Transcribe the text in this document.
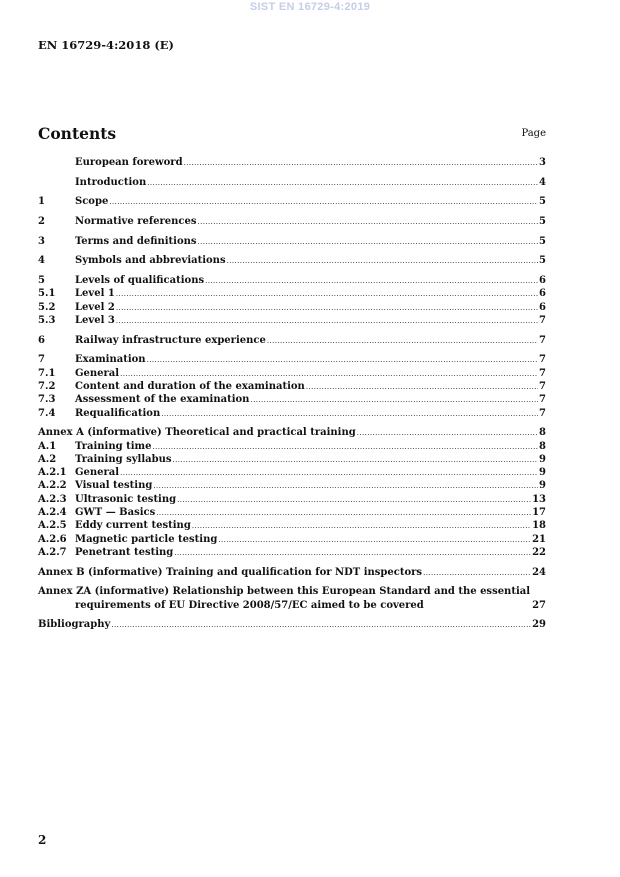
SIST EN 16729-4:2019
EN 16729-4:2018 (E)
Contents	Page
European foreword .....	3
Introduction .....	4
1	Scope .....	5
2	Normative references .....	5
3	Terms and definitions .....	5
4	Symbols and abbreviations .....	5
5	Levels of qualifications .....	6
5.1	Level 1 .....	6
5.2	Level 2 .....	6
5.3	Level 3 .....	7
6	Railway infrastructure experience .....	7
7	Examination .....	7
7.1	General .....	7
7.2	Content and duration of the examination .....	7
7.3	Assessment of the examination .....	7
7.4	Requalification .....	7
Annex A (informative) Theoretical and practical training .....	8
A.1	Training time .....	8
A.2	Training syllabus .....	9
A.2.1 General .....	9
A.2.2 Visual testing .....	9
A.2.3 Ultrasonic testing .....	13
A.2.4 GWT — Basics .....	17
A.2.5 Eddy current testing .....	18
A.2.6 Magnetic particle testing .....	21
A.2.7 Penetrant testing .....	22
Annex B (informative) Training and qualification for NDT inspectors .....	24
Annex ZA (informative) Relationship between this European Standard and the essential
requirements of EU Directive 2008/57/EC aimed to be covered .....	27
Bibliography .....	29
2
